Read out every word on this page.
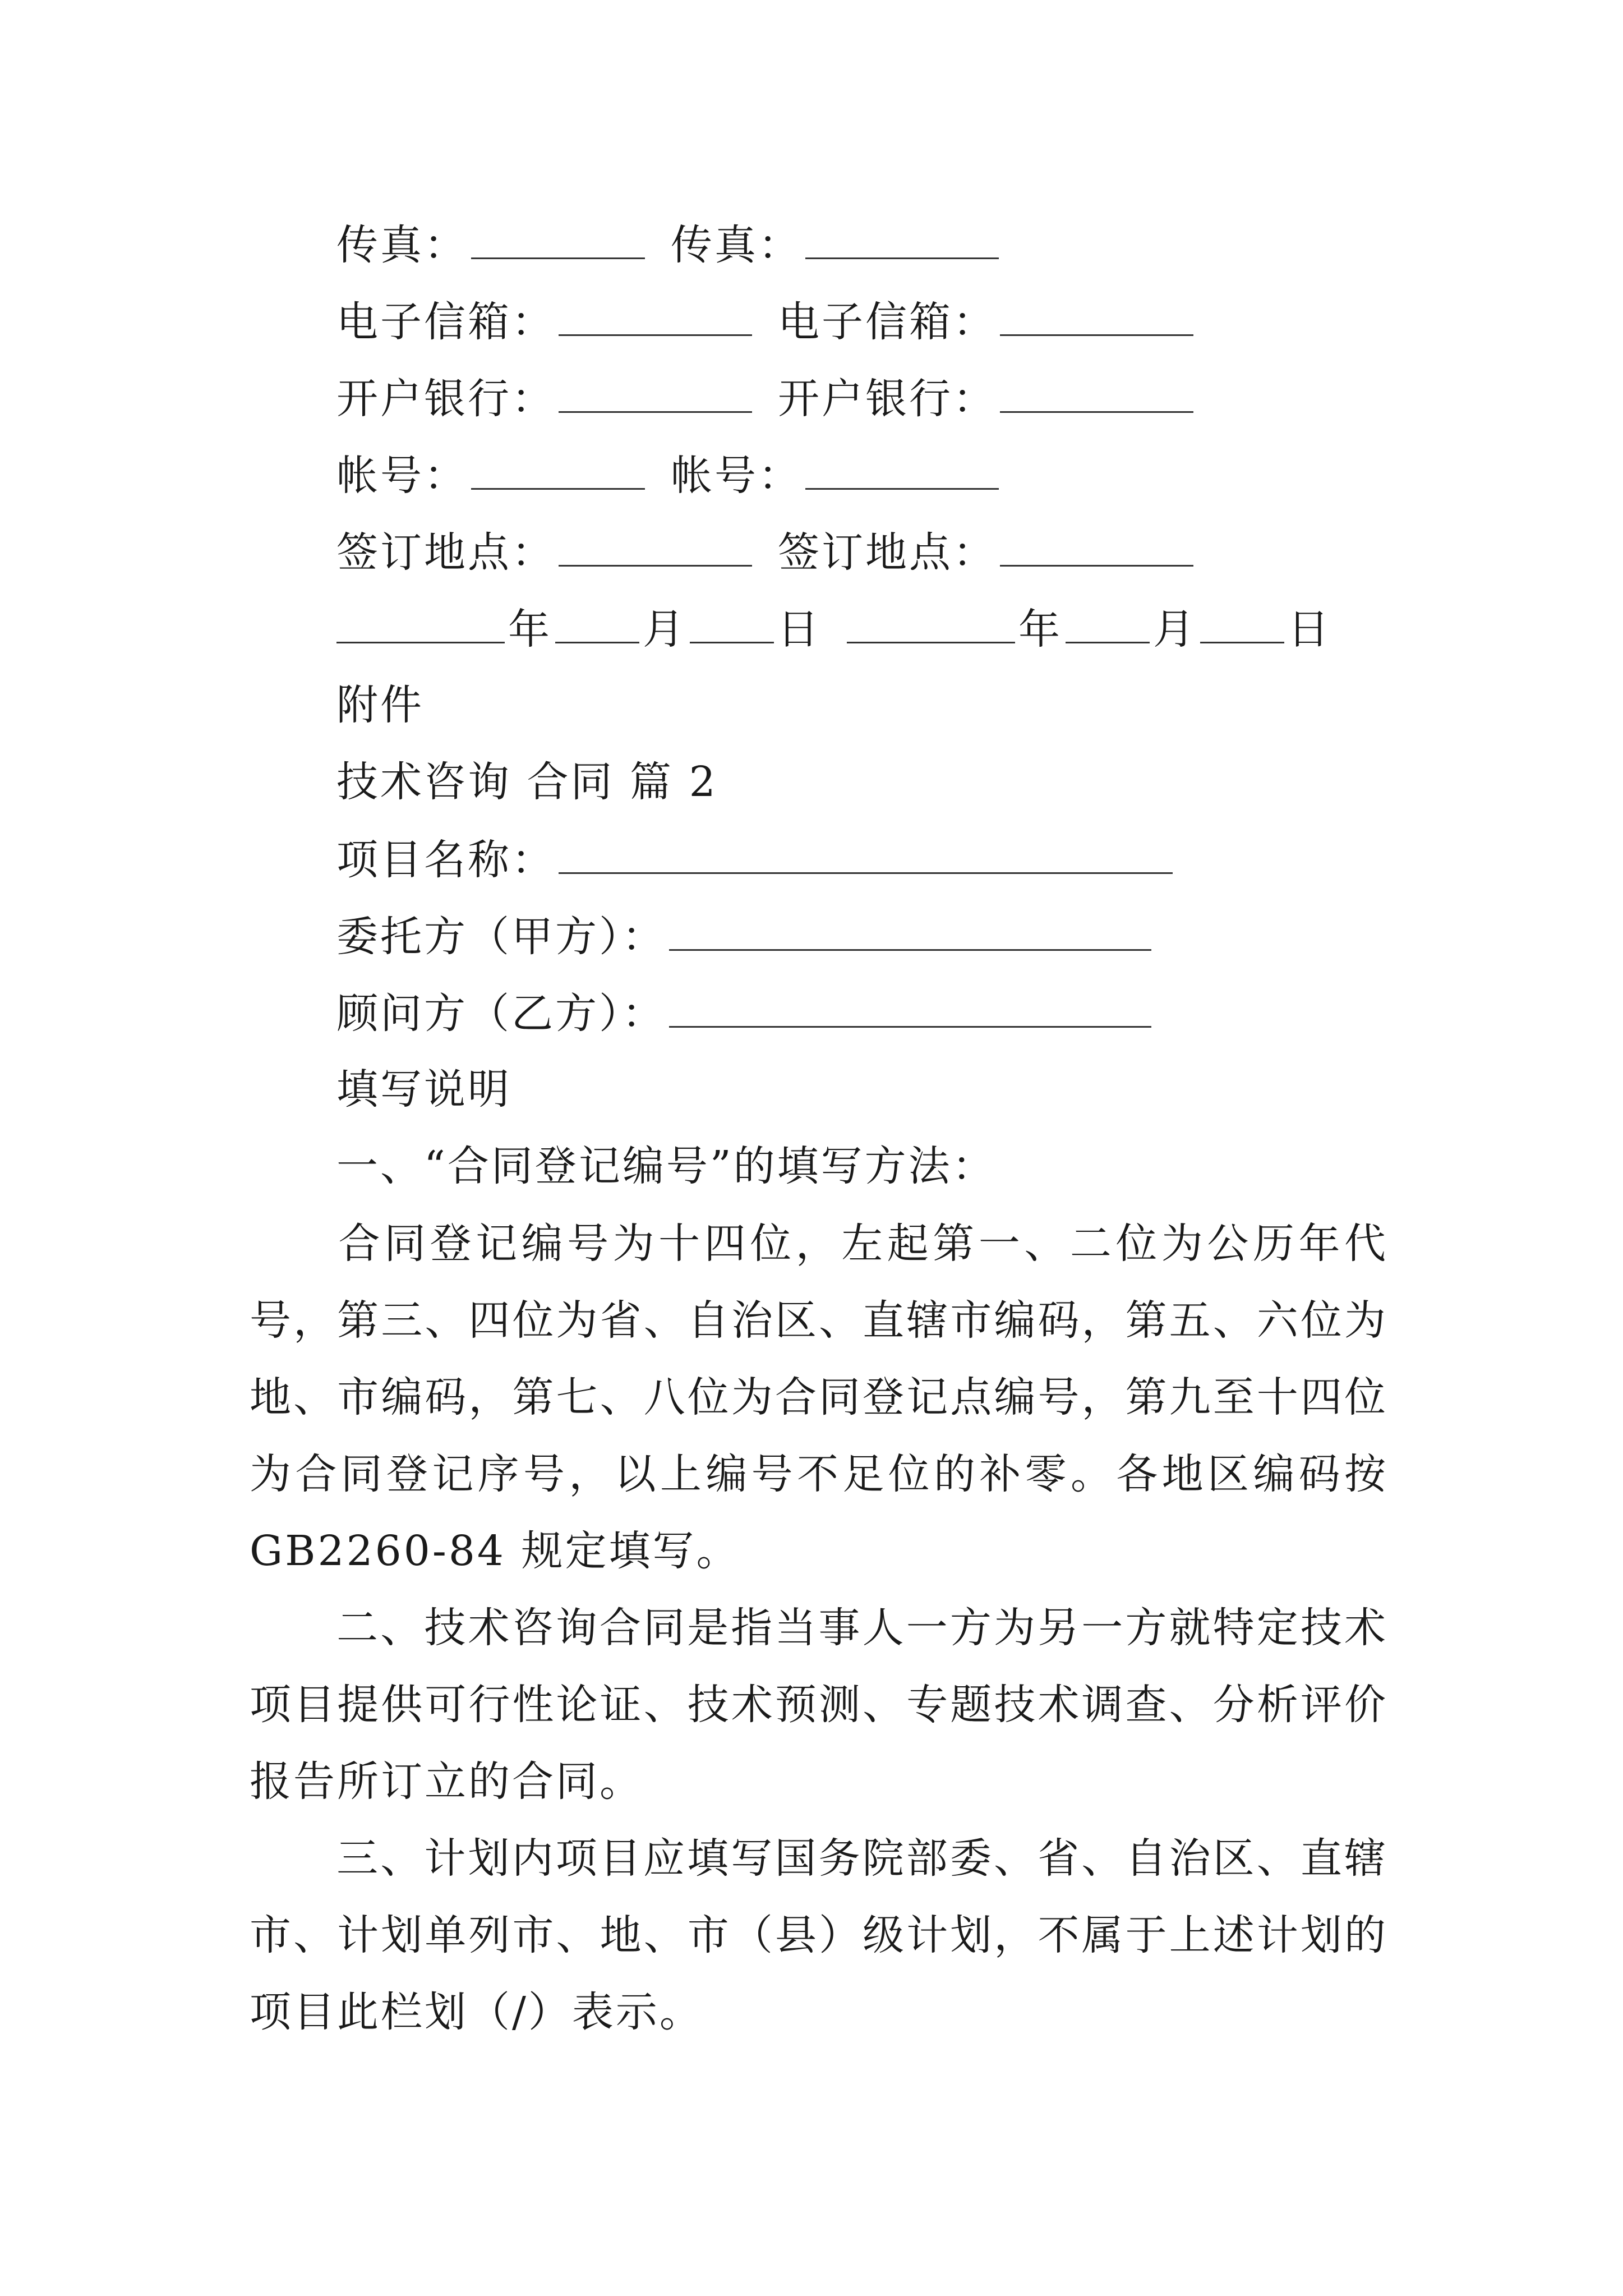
传真：	传真：
电子信箱：	电子信箱：
开户银行：	开户银行：
帐号：	帐号：
签订地点：	签订地点：
年 月 日	年 月 日
附件
技术咨询 合同 篇 2
项目名称：
委托方（甲方）：
顾问方（乙方）：
填写说明
一、“合同登记编号”的填写方法：
合同登记编号为十四位，左起第一、二位为公历年代号，第三、四位为省、自治区、直辖市编码，第五、六位为地、市编码，第七、八位为合同登记点编号，第九至十四位为合同登记序号，以上编号不足位的补零。各地区编码按GB2260-84 规定填写。
二、技术咨询合同是指当事人一方为另一方就特定技术项目提供可行性论证、技术预测、专题技术调查、分析评价报告所订立的合同。
三、计划内项目应填写国务院部委、省、自治区、直辖市、计划单列市、地、市（县）级计划，不属于上述计划的项目此栏划（/）表示。
